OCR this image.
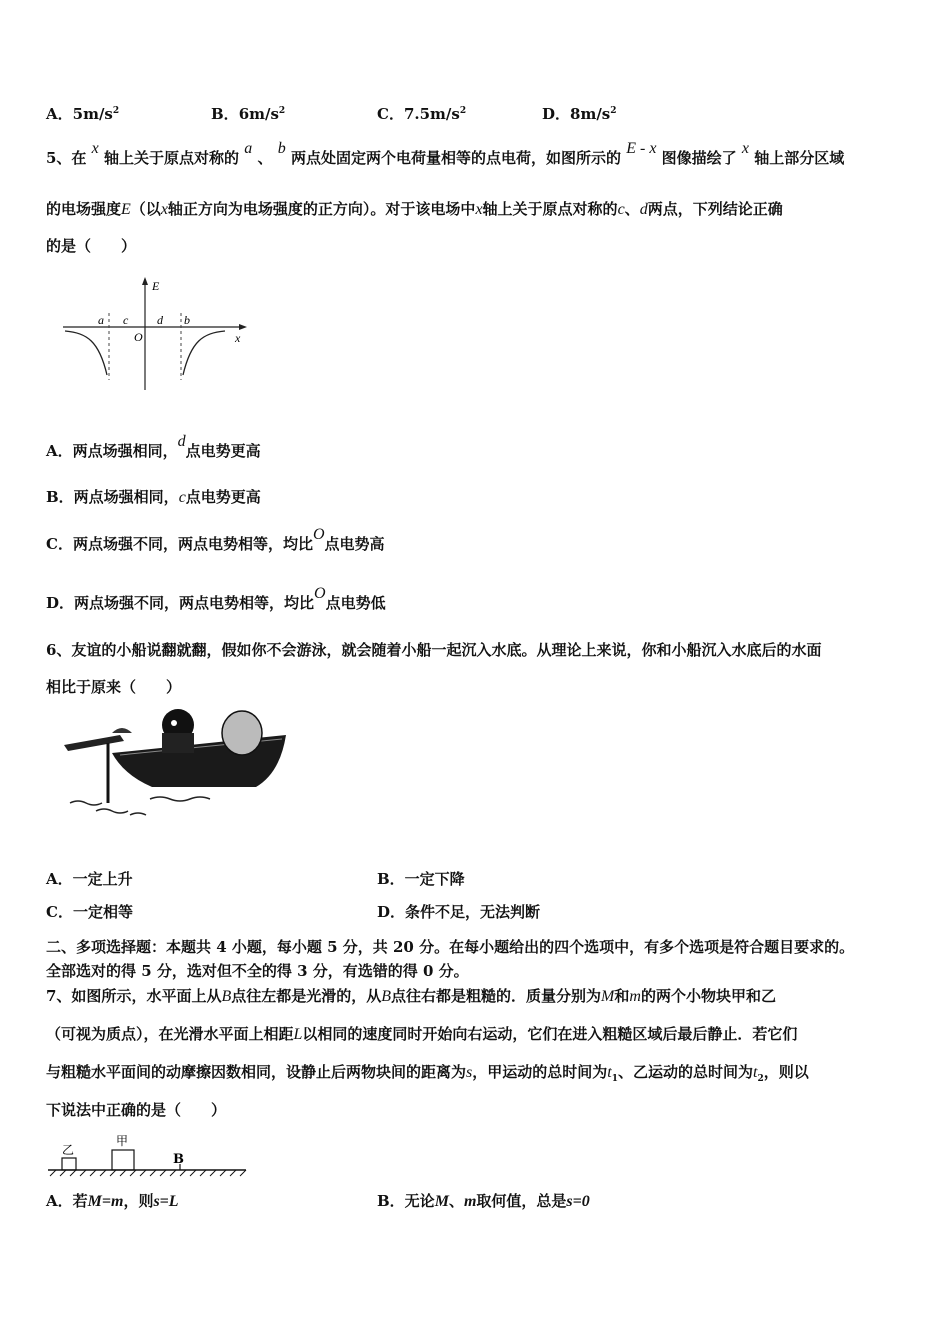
A．$5m/s^2$	B．$6m/s^2$	C．$7.5m/s^2$	D．$8m/s^2$
5、在 x 轴上关于原点对称的 a 、 b 两点处固定两个电荷量相等的点电荷，如图所示的 E - x 图像描绘了 x 轴上部分区域
的电场强度E（以x轴正方向为电场强度的正方向）。对于该电场中x轴上关于原点对称的c、d两点，下列结论正确
的是（　　）
E
x
O
a c d b
A．两点场强相同，d点电势更高
B．两点场强相同，c点电势更高
C．两点场强不同，两点电势相等，均比O点电势高
D．两点场强不同，两点电势相等，均比O点电势低
6、友谊的小船说翻就翻，假如你不会游泳，就会随着小船一起沉入水底。从理论上来说，你和小船沉入水底后的水面
相比于原来（　　）
A．一定上升	B．一定下降
C．一定相等	D．条件不足，无法判断
二、多项选择题：本题共 4 小题，每小题 5 分，共 20 分。在每小题给出的四个选项中，有多个选项是符合题目要求的。
全部选对的得 5 分，选对但不全的得 3 分，有选错的得 0 分。
7、如图所示，水平面上从B点往左都是光滑的，从B点往右都是粗糙的．质量分别为M和m的两个小物块甲和乙
（可视为质点），在光滑水平面上相距L以相同的速度同时开始向右运动，它们在进入粗糙区域后最后静止．若它们
与粗糙水平面间的动摩擦因数相同，设静止后两物块间的距离为s，甲运动的总时间为$t_1$、乙运动的总时间为$t_2$，则以
下说法中正确的是（　　）
乙
甲
B
A．若M=m，则s=L	B．无论M、m取何值，总是s=0
